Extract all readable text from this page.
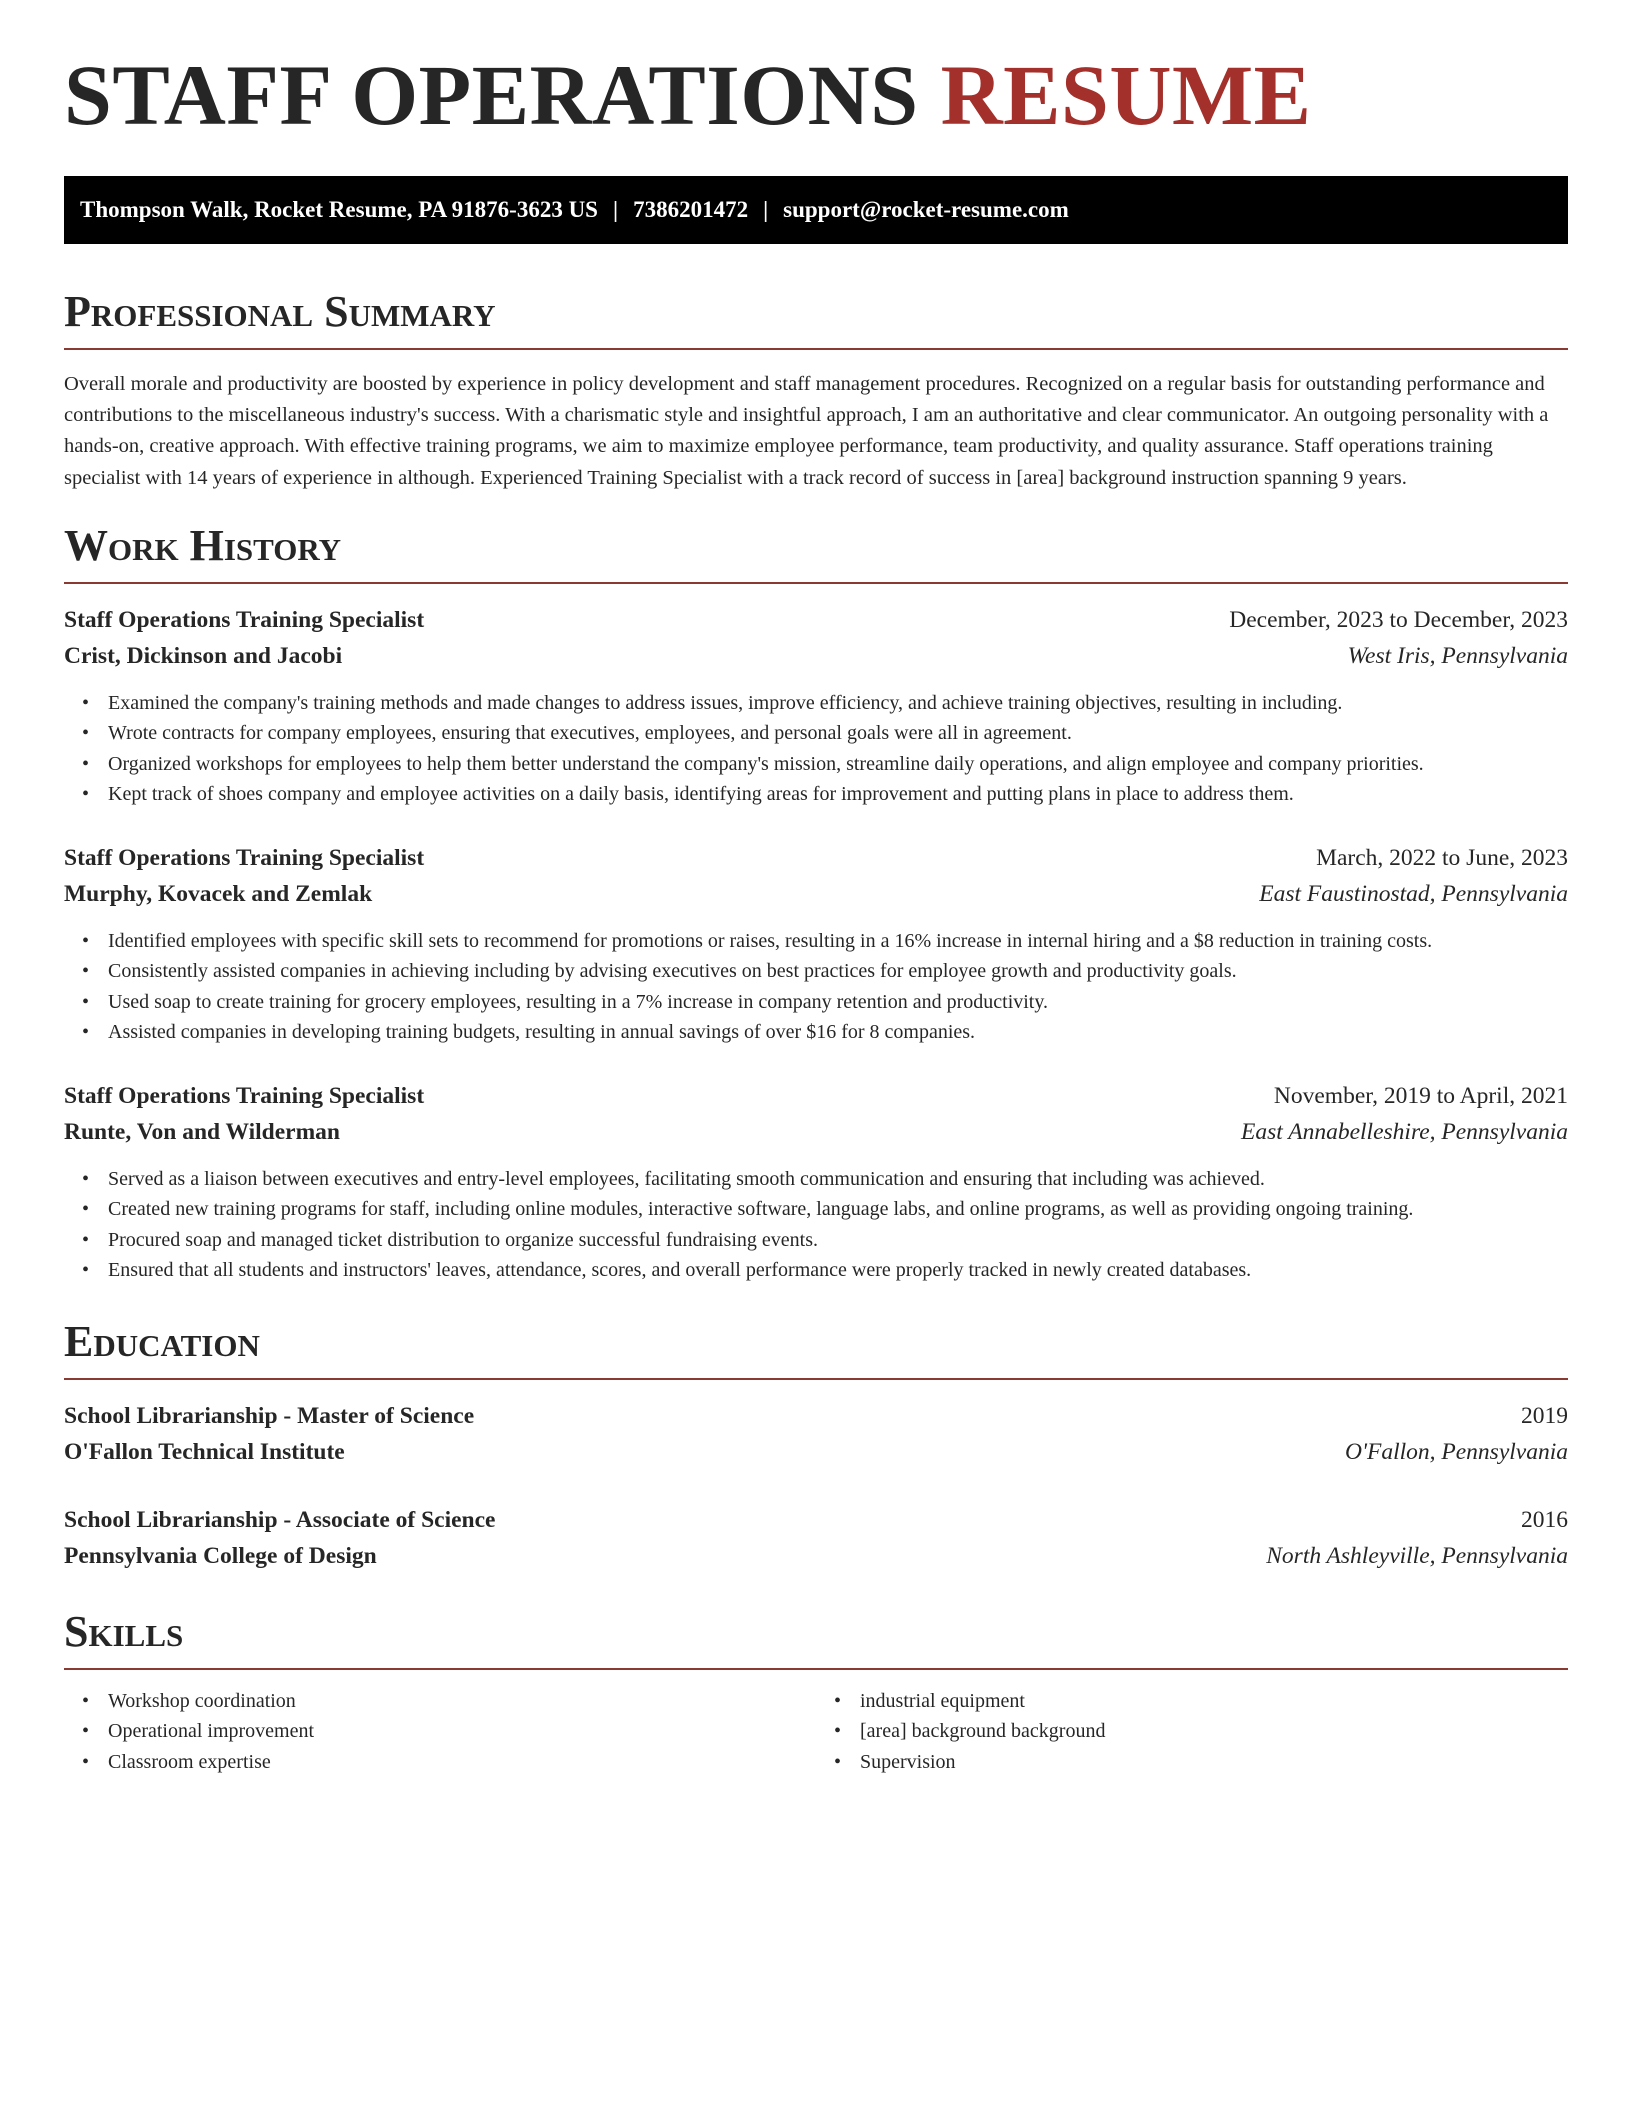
STAFF OPERATIONS RESUME
Thompson Walk, Rocket Resume, PA 91876-3623 US | 7386201472 | support@rocket-resume.com
Professional Summary

Overall morale and productivity are boosted by experience in policy development and staff management procedures. Recognized on a regular basis for outstanding performance and contributions to the miscellaneous industry's success. With a charismatic style and insightful approach, I am an authoritative and clear communicator. An outgoing personality with a hands-on, creative approach. With effective training programs, we aim to maximize employee performance, team productivity, and quality assurance. Staff operations training specialist with 14 years of experience in although. Experienced Training Specialist with a track record of success in [area] background instruction spanning 9 years.

Work History
Staff Operations Training Specialist	December, 2023 to December, 2023
Crist, Dickinson and Jacobi	West Iris, Pennsylvania
• Examined the company's training methods and made changes to address issues, improve efficiency, and achieve training objectives, resulting in including.
• Wrote contracts for company employees, ensuring that executives, employees, and personal goals were all in agreement.
• Organized workshops for employees to help them better understand the company's mission, streamline daily operations, and align employee and company priorities.
• Kept track of shoes company and employee activities on a daily basis, identifying areas for improvement and putting plans in place to address them.
Staff Operations Training Specialist	March, 2022 to June, 2023
Murphy, Kovacek and Zemlak	East Faustinostad, Pennsylvania
• Identified employees with specific skill sets to recommend for promotions or raises, resulting in a 16% increase in internal hiring and a $8 reduction in training costs.
• Consistently assisted companies in achieving including by advising executives on best practices for employee growth and productivity goals.
• Used soap to create training for grocery employees, resulting in a 7% increase in company retention and productivity.
• Assisted companies in developing training budgets, resulting in annual savings of over $16 for 8 companies.
Staff Operations Training Specialist	November, 2019 to April, 2021
Runte, Von and Wilderman	East Annabelleshire, Pennsylvania
• Served as a liaison between executives and entry-level employees, facilitating smooth communication and ensuring that including was achieved.
• Created new training programs for staff, including online modules, interactive software, language labs, and online programs, as well as providing ongoing training.
• Procured soap and managed ticket distribution to organize successful fundraising events.
• Ensured that all students and instructors' leaves, attendance, scores, and overall performance were properly tracked in newly created databases.
Education
School Librarianship - Master of Science	2019
O'Fallon Technical Institute	O'Fallon, Pennsylvania
School Librarianship - Associate of Science	2016
Pennsylvania College of Design	North Ashleyville, Pennsylvania
Skills
• Workshop coordination
• Operational improvement
• Classroom expertise
• industrial equipment
• [area] background background
• Supervision
